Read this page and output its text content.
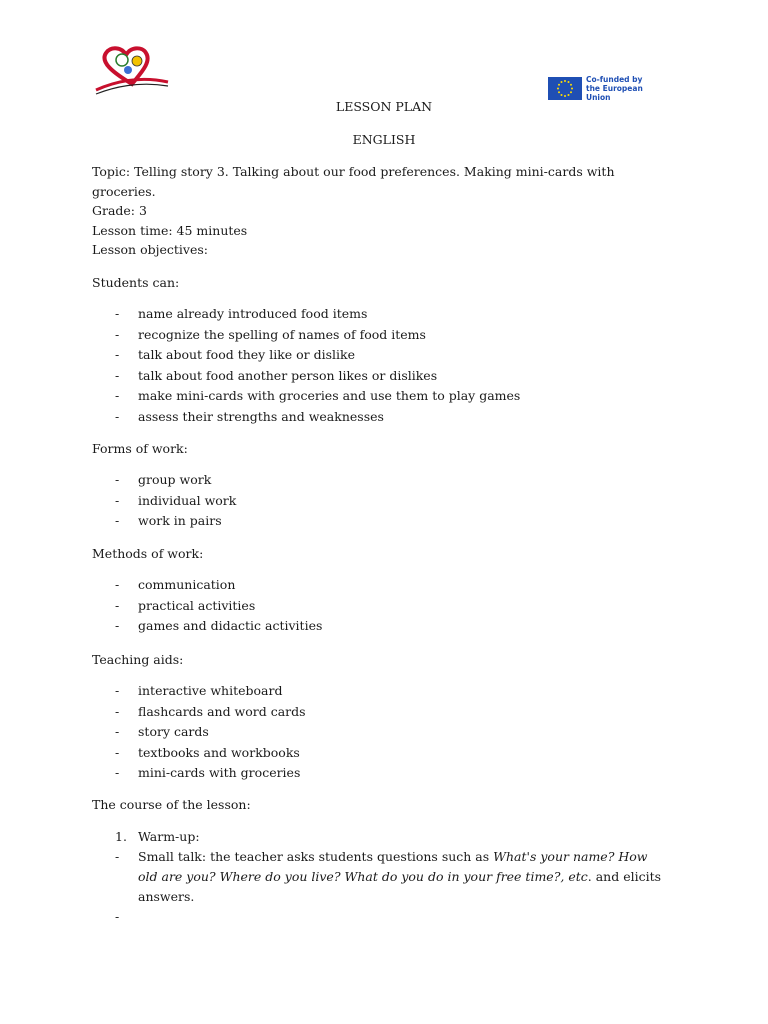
Co-funded by
the European Union
LESSON PLAN
ENGLISH

Topic: Telling story 3. Talking about our food preferences. Making mini-cards with

groceries.

Grade: 3

Lesson time: 45 minutes

Lesson objectives:

Students can:

- name already introduced food items
- recognize the spelling of names of food items
- talk about food they like or dislike
- talk about food another person likes or dislikes
- make mini-cards with groceries and use them to play games
- assess their strengths and weaknesses

Forms of work:

- group work
- individual work
- work in pairs

Methods of work:

- communication
- practical activities
- games and didactic activities

Teaching aids:

- interactive whiteboard
- flashcards and word cards
- story cards
- textbooks and workbooks
- mini-cards with groceries

The course of the lesson:

1. Warm-up:
- Small talk: the teacher asks students questions such as What's your name? How
old are you? Where do you live? What do you do in your free time?, etc. and elicits
answers.
-
